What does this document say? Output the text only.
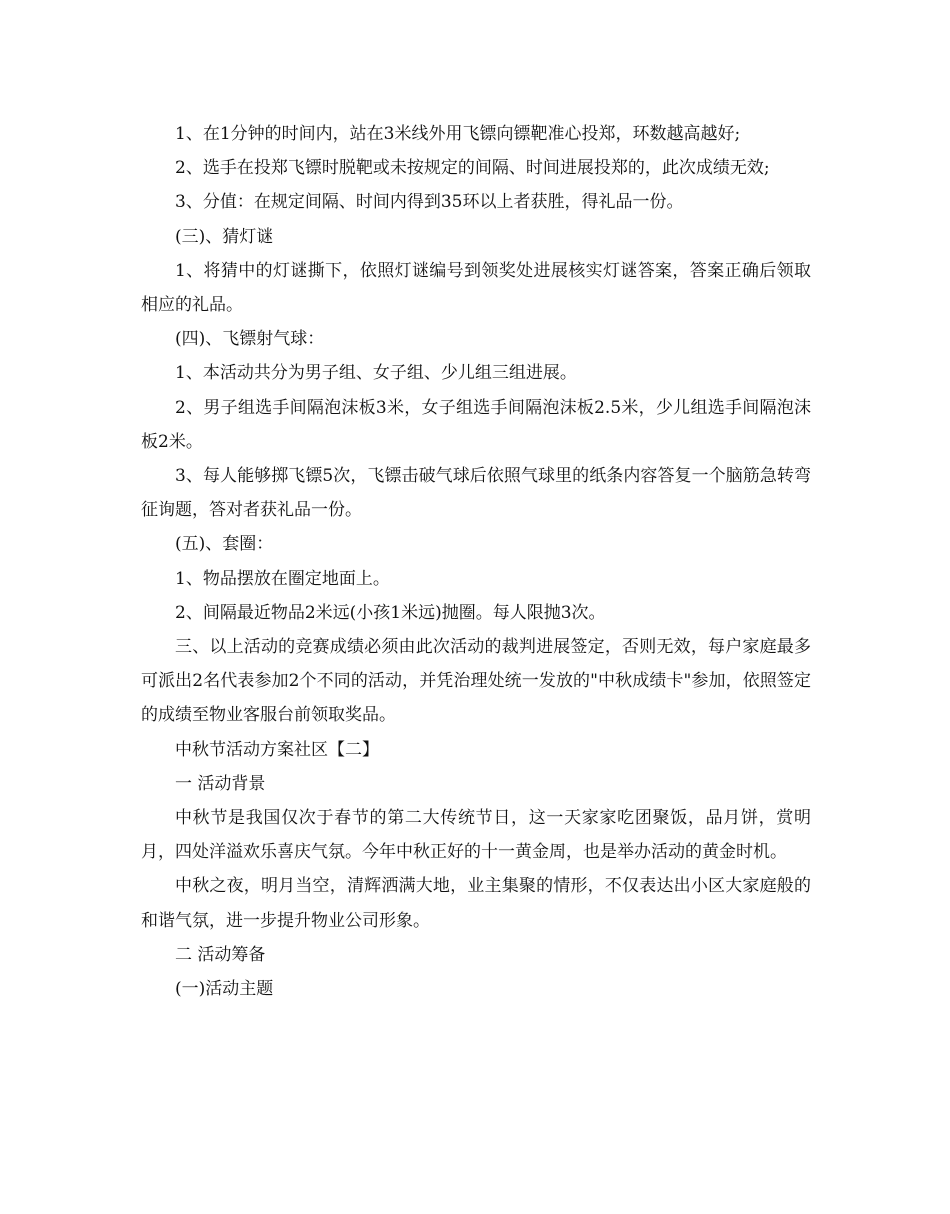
1、在1分钟的时间内，站在3米线外用飞镖向镖靶准心投郑，环数越高越好;

2、选手在投郑飞镖时脱靶或未按规定的间隔、时间进展投郑的，此次成绩无效;

3、分值：在规定间隔、时间内得到35环以上者获胜，得礼品一份。

(三)、猜灯谜

1、将猜中的灯谜撕下，依照灯谜编号到领奖处进展核实灯谜答案，答案正确后领取相应的礼品。

(四)、飞镖射气球：

1、本活动共分为男子组、女子组、少儿组三组进展。

2、男子组选手间隔泡沫板3米，女子组选手间隔泡沫板2.5米，少儿组选手间隔泡沫板2米。

3、每人能够掷飞镖5次，飞镖击破气球后依照气球里的纸条内容答复一个脑筋急转弯征询题，答对者获礼品一份。

(五)、套圈：

1、物品摆放在圈定地面上。

2、间隔最近物品2米远(小孩1米远)抛圈。每人限抛3次。

三、以上活动的竞赛成绩必须由此次活动的裁判进展签定，否则无效，每户家庭最多可派出2名代表参加2个不同的活动，并凭治理处统一发放的"中秋成绩卡"参加，依照签定的成绩至物业客服台前领取奖品。

中秋节活动方案社区【二】

一 活动背景

中秋节是我国仅次于春节的第二大传统节日，这一天家家吃团聚饭，品月饼，赏明月，四处洋溢欢乐喜庆气氛。今年中秋正好的十一黄金周，也是举办活动的黄金时机。

中秋之夜，明月当空，清辉洒满大地，业主集聚的情形，不仅表达出小区大家庭般的和谐气氛，进一步提升物业公司形象。

二 活动筹备

(一)活动主题
